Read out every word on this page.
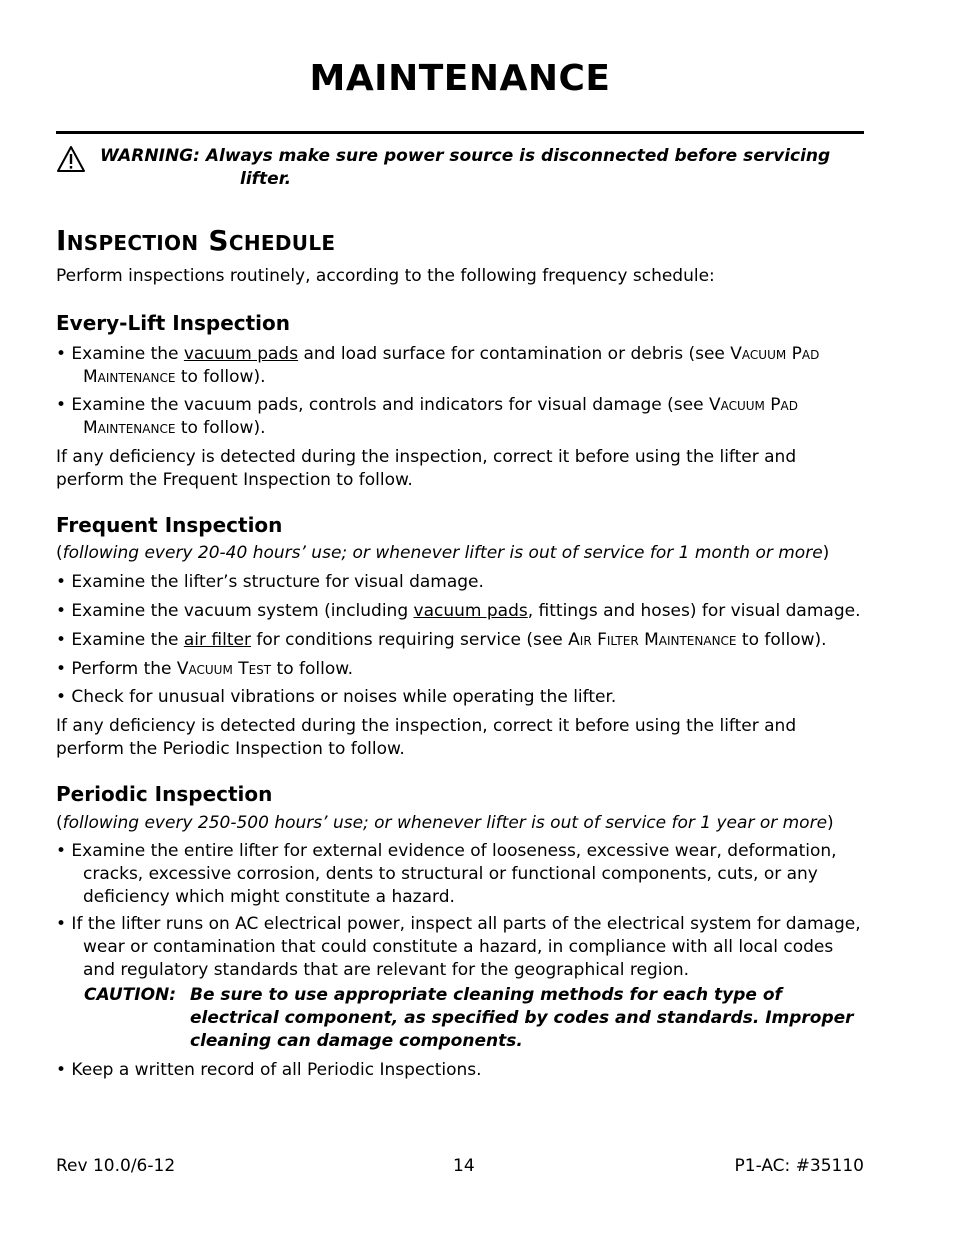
MAINTENANCE
WARNING: Always make sure power source is disconnected before servicing
lifter.
Inspection Schedule
Perform inspections routinely, according to the following frequency schedule:
Every-Lift Inspection
• Examine the vacuum pads and load surface for contamination or debris (see Vacuum Pad Maintenance to follow).
• Examine the vacuum pads, controls and indicators for visual damage (see Vacuum Pad Maintenance to follow).
If any deficiency is detected during the inspection, correct it before using the lifter and perform the Frequent Inspection to follow.
Frequent Inspection
(following every 20-40 hours’ use; or whenever lifter is out of service for 1 month or more)
• Examine the lifter’s structure for visual damage.
• Examine the vacuum system (including vacuum pads, fittings and hoses) for visual damage.
• Examine the air filter for conditions requiring service (see Air Filter Maintenance to follow).
• Perform the Vacuum Test to follow.
• Check for unusual vibrations or noises while operating the lifter.
If any deficiency is detected during the inspection, correct it before using the lifter and perform the Periodic Inspection to follow.
Periodic Inspection
(following every 250-500 hours’ use; or whenever lifter is out of service for 1 year or more)
• Examine the entire lifter for external evidence of looseness, excessive wear, deformation, cracks, excessive corrosion, dents to structural or functional components, cuts, or any deficiency which might constitute a hazard.
• If the lifter runs on AC electrical power, inspect all parts of the electrical system for damage, wear or contamination that could constitute a hazard, in compliance with all local codes and regulatory standards that are relevant for the geographical region.
CAUTION: Be sure to use appropriate cleaning methods for each type of electrical component, as specified by codes and standards. Improper cleaning can damage components.
• Keep a written record of all Periodic Inspections.
Rev 10.0/6-12	14	P1-AC: #35110
